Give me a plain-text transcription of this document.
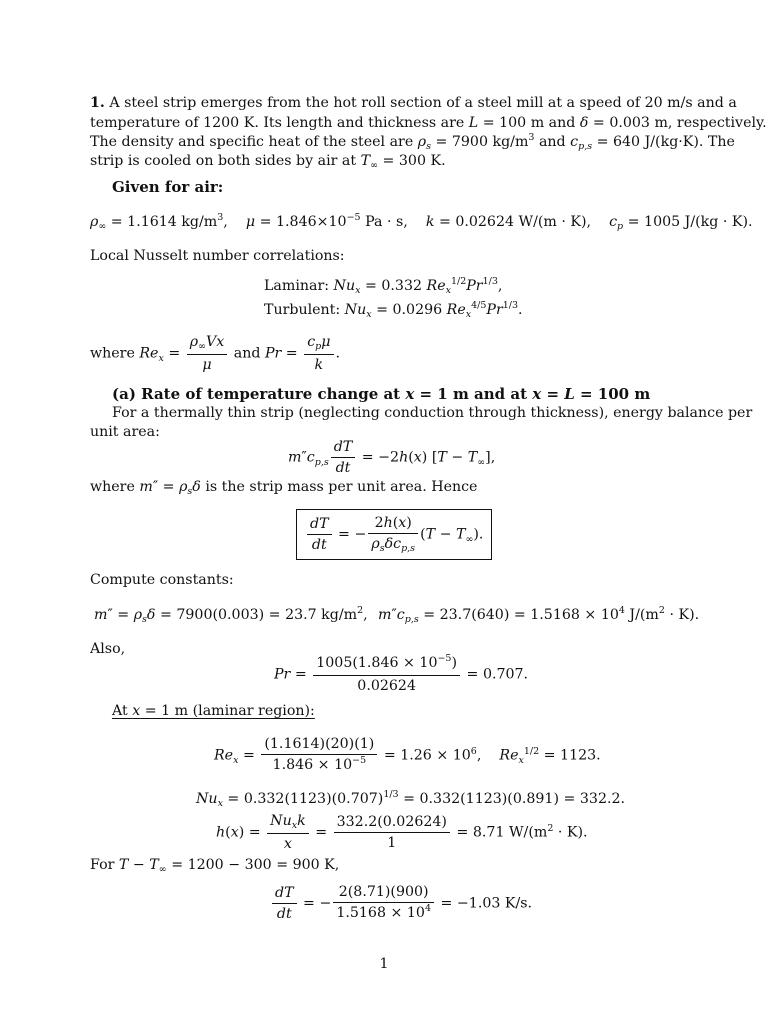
1. A steel strip emerges from the hot roll section of a steel mill at a speed of 20 m/s and a
temperature of 1200 K. Its length and thickness are L = 100 m and δ = 0.003 m, respectively.
The density and specific heat of the steel are $\rho_s = 7900$ $kg/m^3$ and $c_{p,s} = 640$ J/(kg·K). The
strip is cooled on both sides by air at $T_\infty = 300$ K.
Given for air:
$\rho_\infty = 1.1614$ $kg/m^3$,    $\mu = 1.846\times 10^{-5}$ Pa · s,    k = 0.02624 W/(m · K),    $c_p = 1005$ J/(kg · K).
Local Nusselt number correlations:
Laminar: $Nu_x = 0.332$ $Re_x^{1/2}Pr^{1/3}$,
Turbulent: $Nu_x = 0.0296$ $Re_x^{4/5}Pr^{1/3}$.
where $Re_x = \frac{\rho_\infty Vx}{\mu}$ and $Pr = \frac{c_p\mu}{k}$ .
(a) Rate of temperature change at x = 1 m and at x = L = 100 m
For a thermally thin strip (neglecting conduction through thickness), energy balance per
unit area:
$m''c_{p,s} \frac{dT}{dt} = -2h(x) [T - T_\infty]$,
where $m'' = \rho_s\delta$ is the strip mass per unit area. Hence
$\frac{dT}{dt}$ = − $\frac{2h(x)}{\rho_s\delta c_{p,s}} (T - T_\infty)$.
Compute constants:
$m'' = \rho_s\delta = 7900(0.003) = 23.7$ $kg/m^2$, $m''c_{p,s} = 23.7(640) = 1.5168 \times 10^4$ $J/(m^2 \cdot K)$.
Also,
$Pr = \frac{1005(1.846 \times 10^{-5})}{0.02624} = 0.707$.
At x = 1 m (laminar region):
$Re_x = \frac{(1.1614)(20)(1)}{1.846 \times 10^{-5}} = 1.26 \times 10^6$,    $Re_x^{1/2} = 1123$.
$Nu_x = 0.332(1123)(0.707)^{1/3} = 0.332(1123)(0.891) = 332.2$.
$h(x) = \frac{Nu_xk}{x} = \frac{332.2(0.02624)}{1} = 8.71$ $W/(m^2 \cdot K)$.
For $T - T_\infty = 1200 - 300 = 900$ K,
$\frac{dT}{dt}$ = − $\frac{2(8.71)(900)}{1.5168 \times 10^4} = -1.03$ K/s.
1
